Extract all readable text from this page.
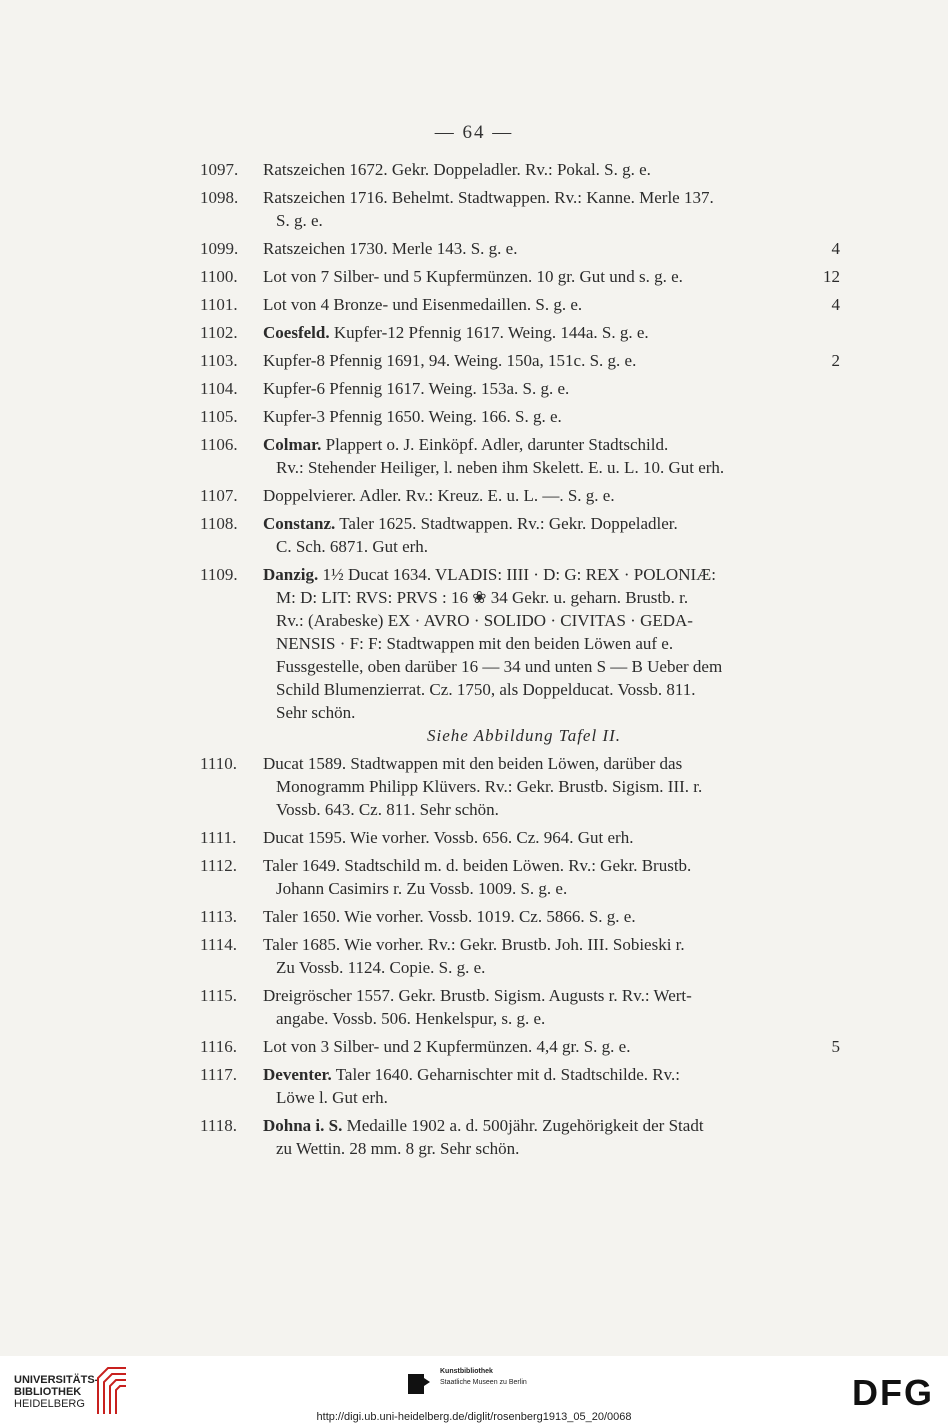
— 64 —
1097.	Ratszeichen 1672. Gekr. Doppeladler. Rv.: Pokal. S. g. e.
1098.	Ratszeichen 1716. Behelmt. Stadtwappen. Rv.: Kanne. Merle 137.
S. g. e.
1099.	Ratszeichen 1730. Merle 143. S. g. e.	4
1100.	Lot von 7 Silber- und 5 Kupfermünzen. 10 gr. Gut und s. g. e.	12
1101.	Lot von 4 Bronze- und Eisenmedaillen. S. g. e.	4
1102.	Coesfeld. Kupfer-12 Pfennig 1617. Weing. 144a. S. g. e.
1103.	Kupfer-8 Pfennig 1691, 94. Weing. 150a, 151c. S. g. e.	2
1104.	Kupfer-6 Pfennig 1617. Weing. 153a. S. g. e.
1105.	Kupfer-3 Pfennig 1650. Weing. 166. S. g. e.
1106.	Colmar. Plappert o. J. Einköpf. Adler, darunter Stadtschild.
Rv.: Stehender Heiliger, l. neben ihm Skelett. E. u. L. 10. Gut erh.
1107.	Doppelvierer. Adler. Rv.: Kreuz. E. u. L. —. S. g. e.
1108.	Constanz. Taler 1625. Stadtwappen. Rv.: Gekr. Doppeladler.
C. Sch. 6871. Gut erh.
1109.	Danzig. 1½ Ducat 1634. VLADIS: IIII · D: G: REX · POLONIÆ:
M: D: LIT: RVS: PRVS : 16 ❀ 34 Gekr. u. geharn. Brustb. r.
Rv.: (Arabeske) EX · AVRO · SOLIDO · CIVITAS · GEDA-
NENSIS · F: F: Stadtwappen mit den beiden Löwen auf e.
Fussgestelle, oben darüber 16 — 34 und unten S — B Ueber dem
Schild Blumenzierrat. Cz. 1750, als Doppelducat. Vossb. 811.
Sehr schön.
Siehe Abbildung Tafel II.
1110.	Ducat 1589. Stadtwappen mit den beiden Löwen, darüber das
Monogramm Philipp Klüvers. Rv.: Gekr. Brustb. Sigism. III. r.
Vossb. 643. Cz. 811. Sehr schön.
1111.	Ducat 1595. Wie vorher. Vossb. 656. Cz. 964. Gut erh.
1112.	Taler 1649. Stadtschild m. d. beiden Löwen. Rv.: Gekr. Brustb.
Johann Casimirs r. Zu Vossb. 1009. S. g. e.
1113.	Taler 1650. Wie vorher. Vossb. 1019. Cz. 5866. S. g. e.
1114.	Taler 1685. Wie vorher. Rv.: Gekr. Brustb. Joh. III. Sobieski r.
Zu Vossb. 1124. Copie. S. g. e.
1115.	Dreigröscher 1557. Gekr. Brustb. Sigism. Augusts r. Rv.: Wert-
angabe. Vossb. 506. Henkelspur, s. g. e.
1116.	Lot von 3 Silber- und 2 Kupfermünzen. 4,4 gr. S. g. e.	5
1117.	Deventer. Taler 1640. Geharnischter mit d. Stadtschilde. Rv.:
Löwe l. Gut erh.
1118.	Dohna i. S. Medaille 1902 a. d. 500jähr. Zugehörigkeit der Stadt
zu Wettin. 28 mm. 8 gr. Sehr schön.
UNIVERSITÄTS-
BIBLIOTHEK
HEIDELBERG
Kunstbibliothek
Staatliche Museen zu Berlin	DFG
http://digi.ub.uni-heidelberg.de/diglit/rosenberg1913_05_20/0068
